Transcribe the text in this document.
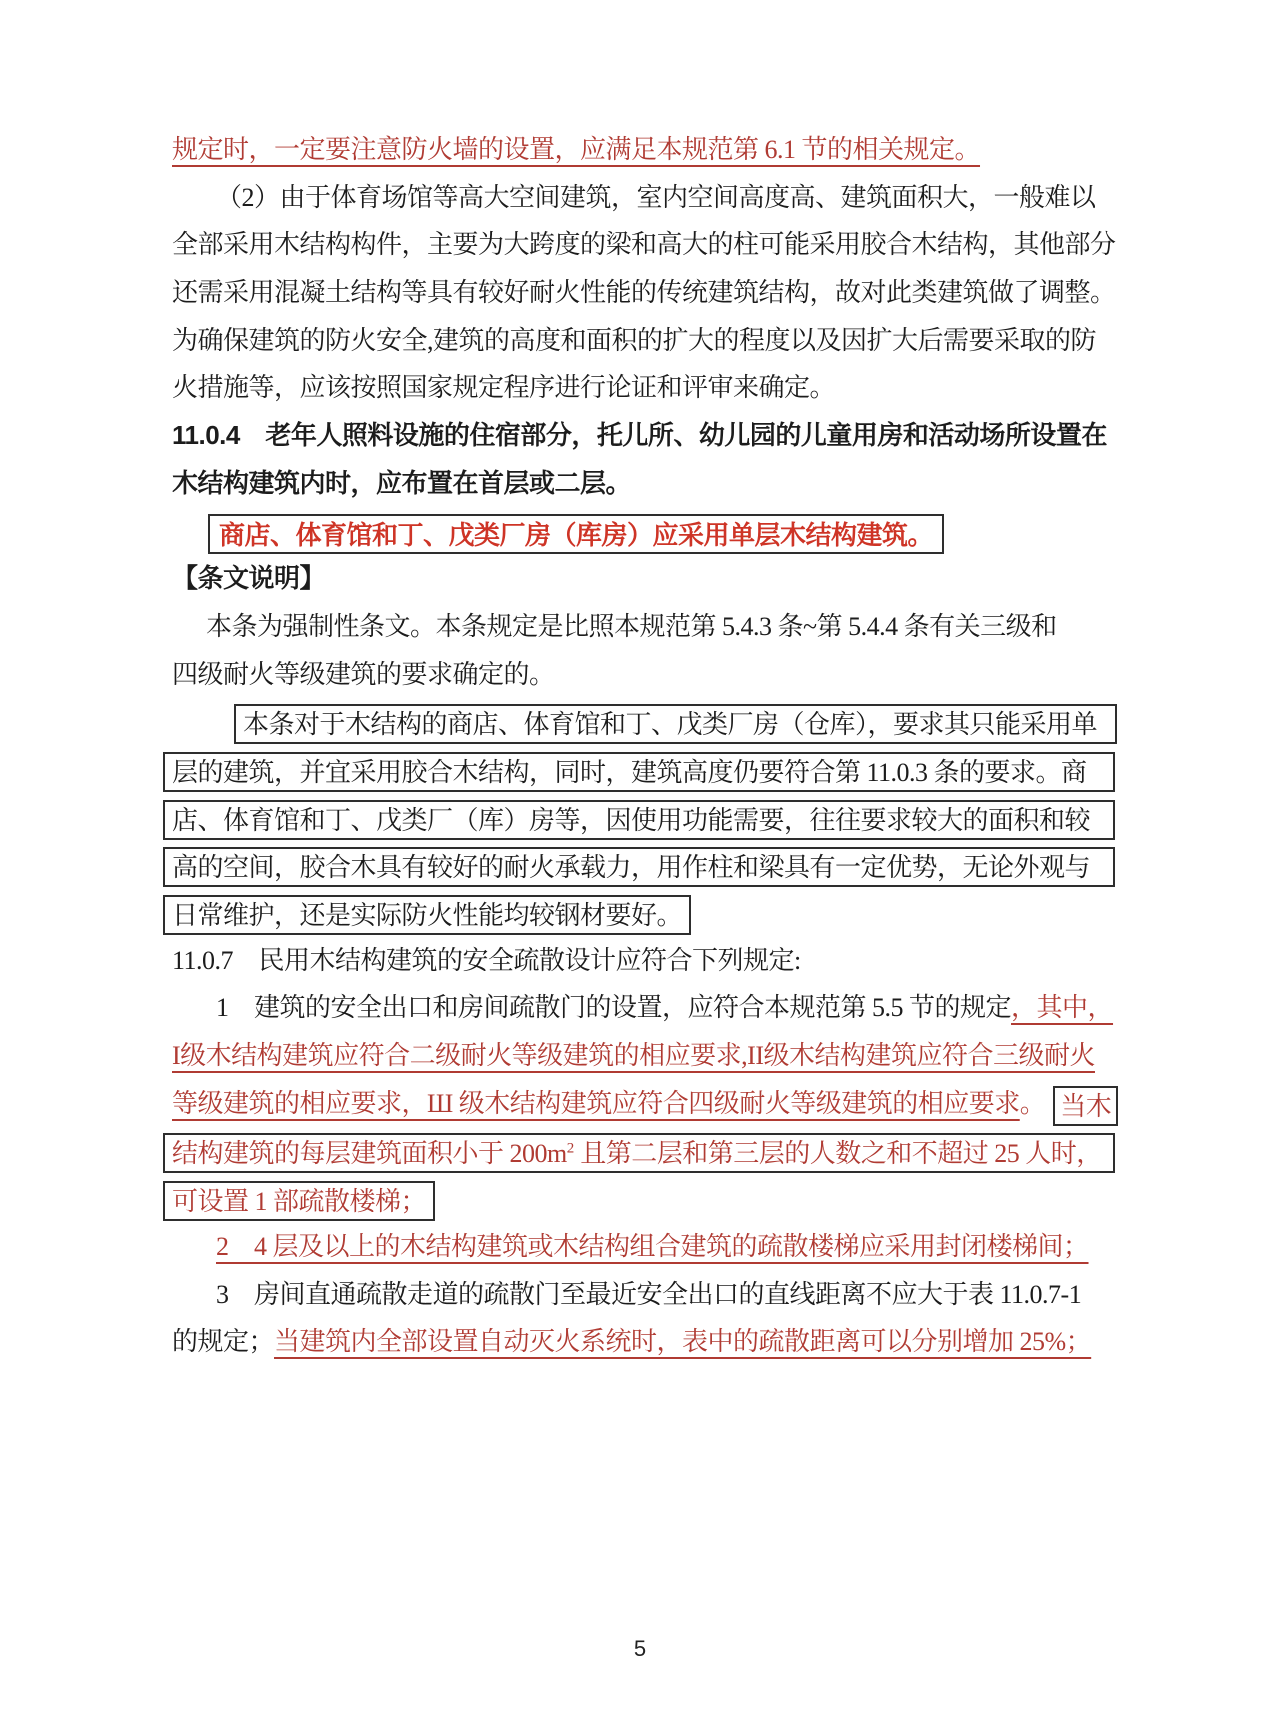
规定时，一定要注意防火墙的设置，应满足本规范第 6.1 节的相关规定。
（2）由于体育场馆等高大空间建筑，室内空间高度高、建筑面积大，一般难以
全部采用木结构构件，主要为大跨度的梁和高大的柱可能采用胶合木结构，其他部分
还需采用混凝土结构等具有较好耐火性能的传统建筑结构，故对此类建筑做了调整。
为确保建筑的防火安全,建筑的高度和面积的扩大的程度以及因扩大后需要采取的防
火措施等，应该按照国家规定程序进行论证和评审来确定。
11.0.4　老年人照料设施的住宿部分，托儿所、幼儿园的儿童用房和活动场所设置在
木结构建筑内时，应布置在首层或二层。
商店、体育馆和丁、戊类厂房（库房）应采用单层木结构建筑。
【条文说明】
本条为强制性条文。本条规定是比照本规范第 5.4.3 条~第 5.4.4 条有关三级和
四级耐火等级建筑的要求确定的。
本条对于木结构的商店、体育馆和丁、戊类厂房（仓库），要求其只能采用单
层的建筑，并宜采用胶合木结构，同时，建筑高度仍要符合第 11.0.3 条的要求。商
店、体育馆和丁、戊类厂（库）房等，因使用功能需要，往往要求较大的面积和较
高的空间，胶合木具有较好的耐火承载力，用作柱和梁具有一定优势，无论外观与
日常维护，还是实际防火性能均较钢材要好。
11.0.7　民用木结构建筑的安全疏散设计应符合下列规定:
1　建筑的安全出口和房间疏散门的设置，应符合本规范第 5.5 节的规定，其中，
I级木结构建筑应符合二级耐火等级建筑的相应要求,II级木结构建筑应符合三级耐火
等级建筑的相应要求，Ш 级木结构建筑应符合四级耐火等级建筑的相应要求。 当木
结构建筑的每层建筑面积小于 $200m^2$ 且第二层和第三层的人数之和不超过 25 人时，
可设置 1 部疏散楼梯；
2　4 层及以上的木结构建筑或木结构组合建筑的疏散楼梯应采用封闭楼梯间；
3　房间直通疏散走道的疏散门至最近安全出口的直线距离不应大于表 11.0.7-1
的规定；当建筑内全部设置自动灭火系统时，表中的疏散距离可以分别增加 25%；
5
